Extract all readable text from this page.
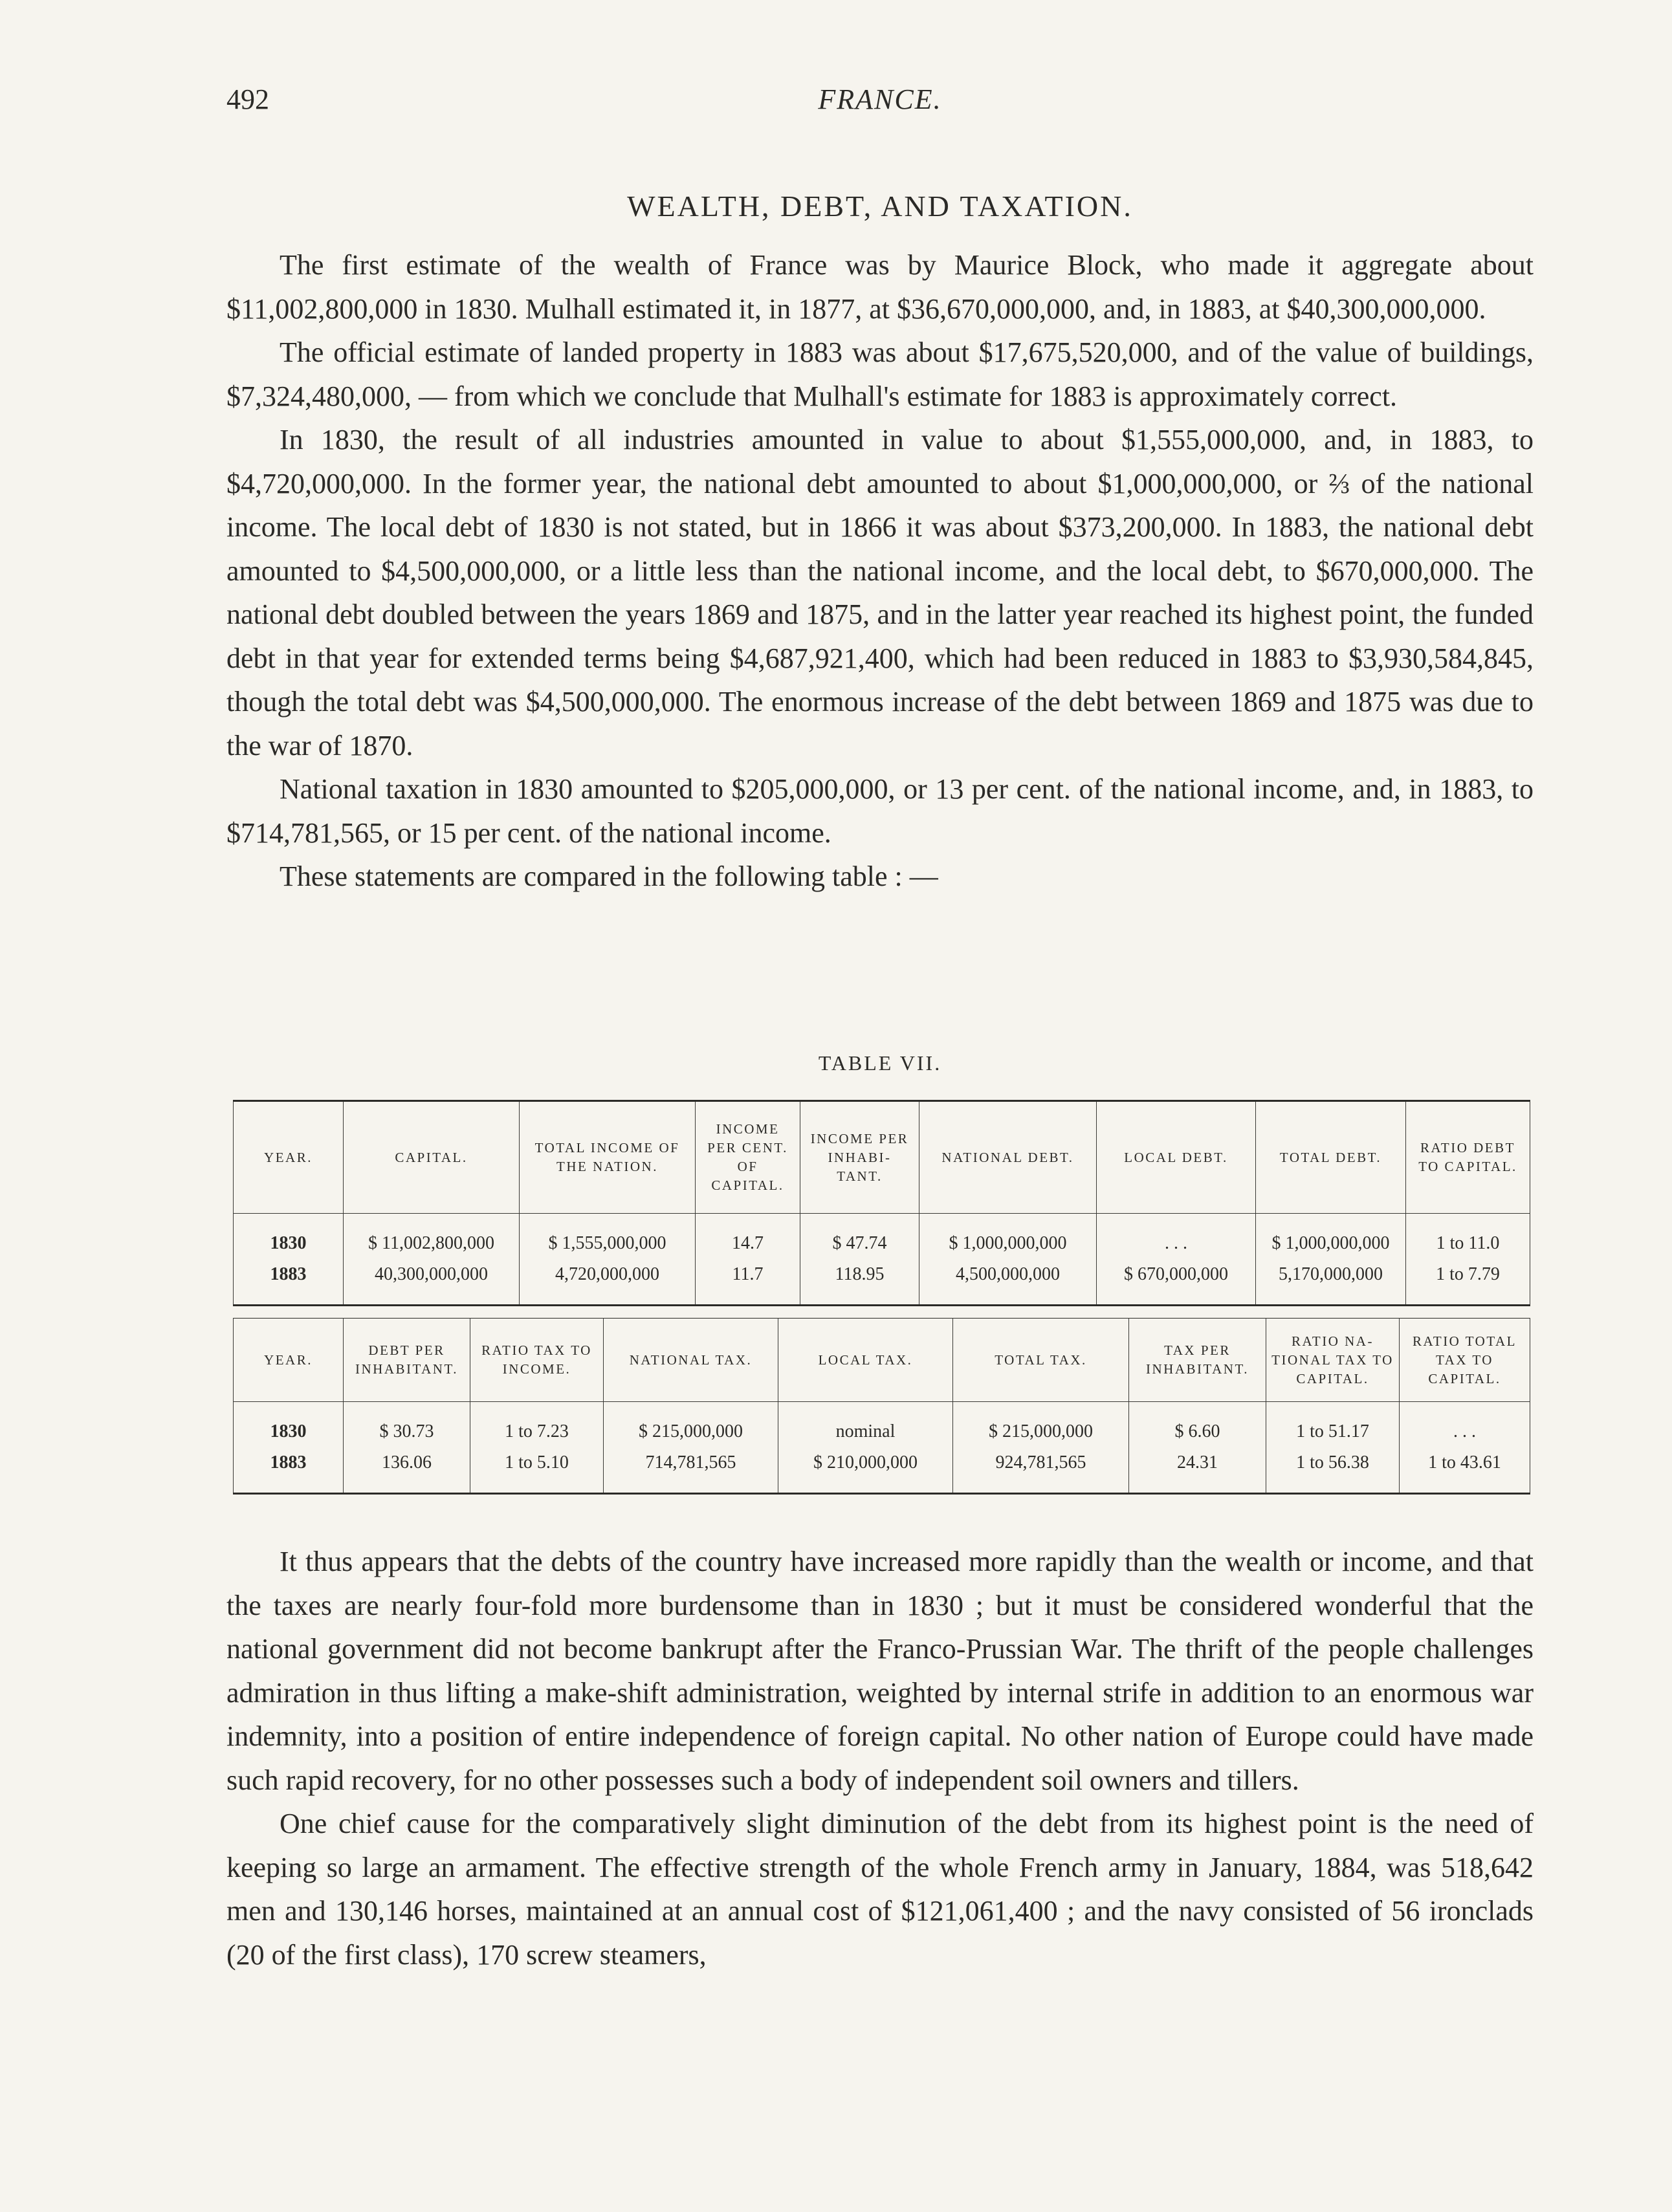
492	FRANCE.
WEALTH, DEBT, AND TAXATION.

The first estimate of the wealth of France was by Maurice Block, who made it aggregate about $11,002,800,000 in 1830. Mulhall estimated it, in 1877, at $36,670,000,000, and, in 1883, at $40,300,000,000.

The official estimate of landed property in 1883 was about $17,675,520,000, and of the value of buildings, $7,324,480,000, — from which we conclude that Mulhall's estimate for 1883 is approximately correct.

In 1830, the result of all industries amounted in value to about $1,555,000,000, and, in 1883, to $4,720,000,000. In the former year, the national debt amounted to about $1,000,000,000, or ⅔ of the national income. The local debt of 1830 is not stated, but in 1866 it was about $373,200,000. In 1883, the national debt amounted to $4,500,000,000, or a little less than the national income, and the local debt, to $670,000,000. The national debt doubled between the years 1869 and 1875, and in the latter year reached its highest point, the funded debt in that year for extended terms being $4,687,921,400, which had been reduced in 1883 to $3,930,584,845, though the total debt was $4,500,000,000. The enormous increase of the debt between 1869 and 1875 was due to the war of 1870.

National taxation in 1830 amounted to $205,000,000, or 13 per cent. of the national income, and, in 1883, to $714,781,565, or 15 per cent. of the national income.

These statements are compared in the following table : —

TABLE VII.
YEAR.	CAPITAL.	TOTAL INCOME OF THE NATION.	INCOME PER CENT. OF CAPITAL.	INCOME PER INHABI- TANT.	NATIONAL DEBT.	LOCAL DEBT.	TOTAL DEBT.	RATIO DEBT TO CAPITAL.
1830	$ 11,002,800,000	$ 1,555,000,000	14.7	$ 47.74	$ 1,000,000,000	. . .	$ 1,000,000,000	1 to 11.0
1883	40,300,000,000	4,720,000,000	11.7	118.95	4,500,000,000	$ 670,000,000	5,170,000,000	1 to 7.79
YEAR.	DEBT PER INHABITANT.	RATIO TAX TO INCOME.	NATIONAL TAX.	LOCAL TAX.	TOTAL TAX.	TAX PER INHABITANT.	RATIO NA- TIONAL TAX TO CAPITAL.	RATIO TOTAL TAX TO CAPITAL.
1830	$ 30.73	1 to 7.23	$ 215,000,000	nominal	$ 215,000,000	$ 6.60	1 to 51.17	. . .
1883	136.06	1 to 5.10	714,781,565	$ 210,000,000	924,781,565	24.31	1 to 56.38	1 to 43.61

It thus appears that the debts of the country have increased more rapidly than the wealth or income, and that the taxes are nearly four-fold more burdensome than in 1830 ; but it must be considered wonderful that the national government did not become bankrupt after the Franco-Prussian War. The thrift of the people challenges admiration in thus lifting a make-shift administration, weighted by internal strife in addition to an enormous war indemnity, into a position of entire independence of foreign capital. No other nation of Europe could have made such rapid recovery, for no other possesses such a body of independent soil owners and tillers.

One chief cause for the comparatively slight diminution of the debt from its highest point is the need of keeping so large an armament. The effective strength of the whole French army in January, 1884, was 518,642 men and 130,146 horses, maintained at an annual cost of $121,061,400 ; and the navy consisted of 56 ironclads (20 of the first class), 170 screw steamers,
